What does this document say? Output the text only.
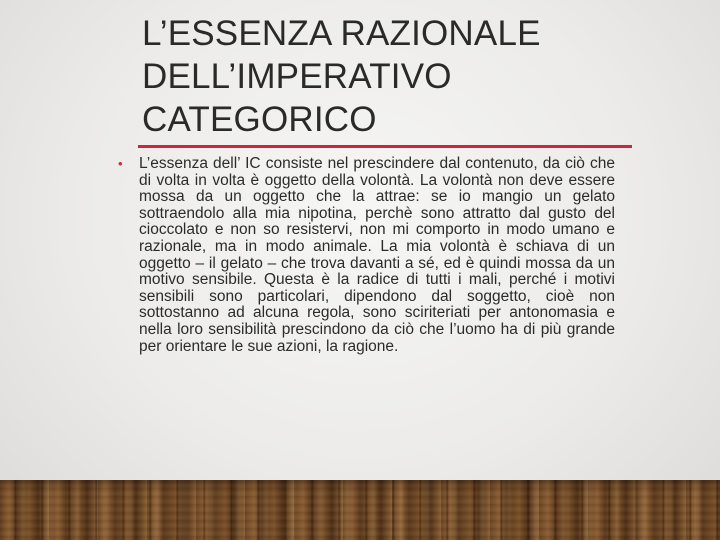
L’ESSENZA RAZIONALE
DELL’IMPERATIVO
CATEGORICO
• L’essenza dell’ IC consiste nel prescindere dal contenuto, da ciò che di volta in volta è oggetto della volontà. La volontà non deve essere mossa da un oggetto che la attrae: se io mangio un gelato sottraendolo alla mia nipotina, perchè sono attratto dal gusto del cioccolato e non so resistervi, non mi comporto in modo umano e razionale, ma in modo animale. La mia volontà è schiava di un oggetto – il gelato – che trova davanti a sé, ed è quindi mossa da un motivo sensibile. Questa è la radice di tutti i mali, perché i motivi sensibili sono particolari, dipendono dal soggetto, cioè non sottostanno ad alcuna regola, sono sciriteriati per antonomasia e nella loro sensibilità prescindono da ciò che l’uomo ha di più grande per orientare le sue azioni, la ragione.
